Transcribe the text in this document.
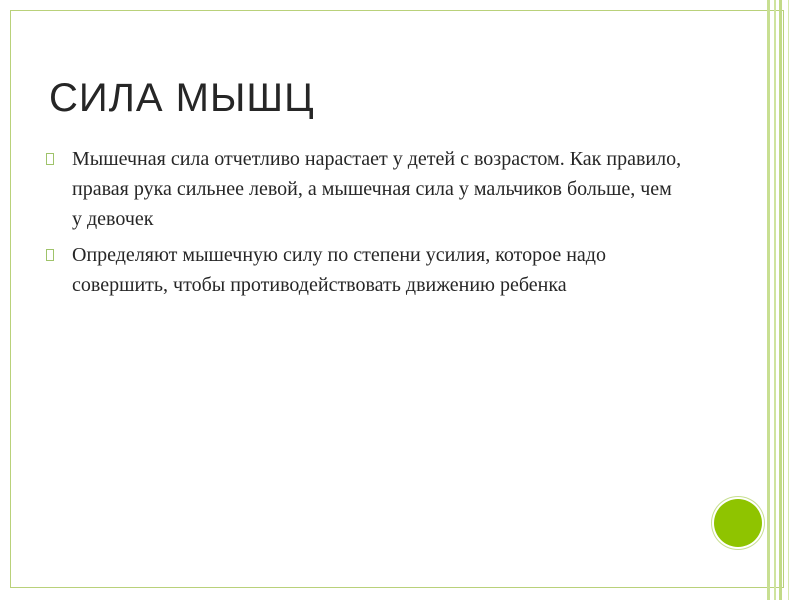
СИЛА МЫШЦ
Мышечная сила отчетливо нарастает у детей с возрастом. Как правило, правая рука сильнее левой, а мышечная сила у мальчиков больше, чем у девочек
Определяют мышечную силу по степени усилия, которое надо совершить, чтобы противодействовать движению ребенка
